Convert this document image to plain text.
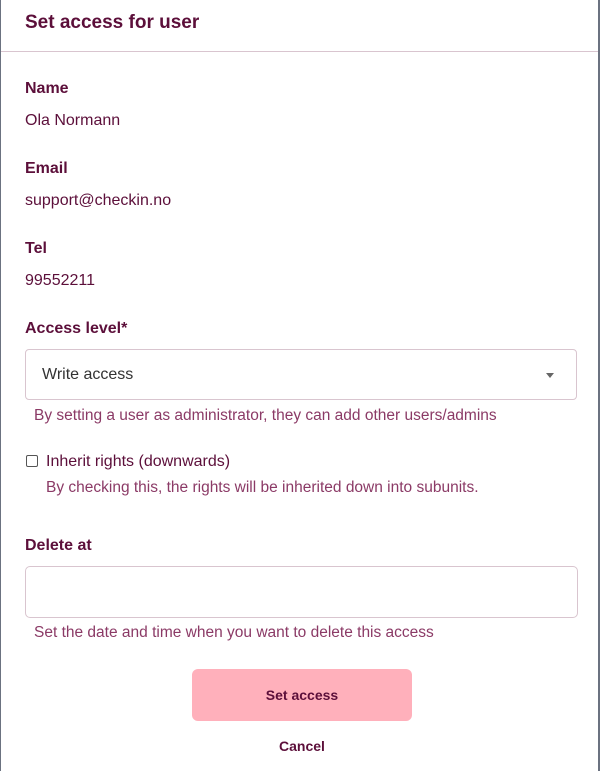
Set access for user
Name
Ola Normann
Email
support@checkin.no
Tel
99552211
Access level*
Write access
By setting a user as administrator, they can add other users/admins
Inherit rights (downwards)
By checking this, the rights will be inherited down into subunits.
Delete at
Set the date and time when you want to delete this access
Set access
Cancel
